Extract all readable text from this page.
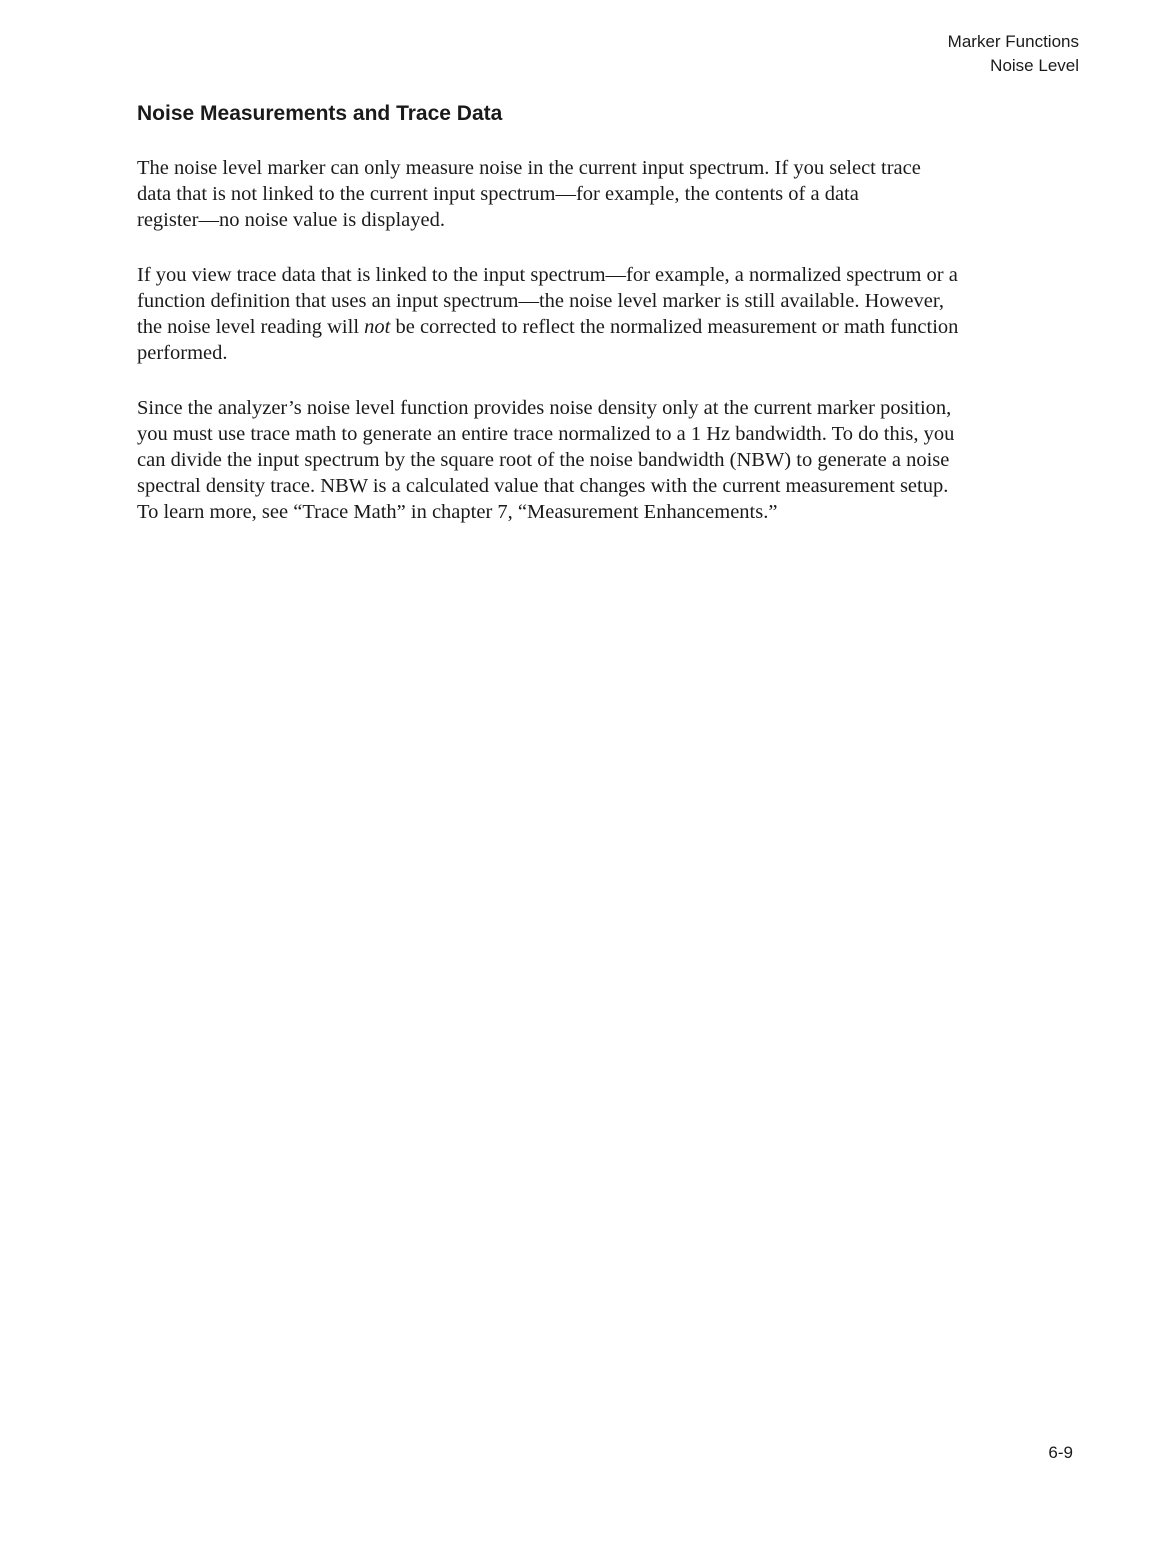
Marker Functions
Noise Level
Noise Measurements and Trace Data

The noise level marker can only measure noise in the current input spectrum. If you select trace
data that is not linked to the current input spectrum—for example, the contents of a data
register—no noise value is displayed.

If you view trace data that is linked to the input spectrum—for example, a normalized spectrum or a
function definition that uses an input spectrum—the noise level marker is still available. However,
the noise level reading will not be corrected to reflect the normalized measurement or math function
performed.

Since the analyzer’s noise level function provides noise density only at the current marker position,
you must use trace math to generate an entire trace normalized to a 1 Hz bandwidth. To do this, you
can divide the input spectrum by the square root of the noise bandwidth (NBW) to generate a noise
spectral density trace. NBW is a calculated value that changes with the current measurement setup.
To learn more, see “Trace Math” in chapter 7, “Measurement Enhancements.”

6-9
